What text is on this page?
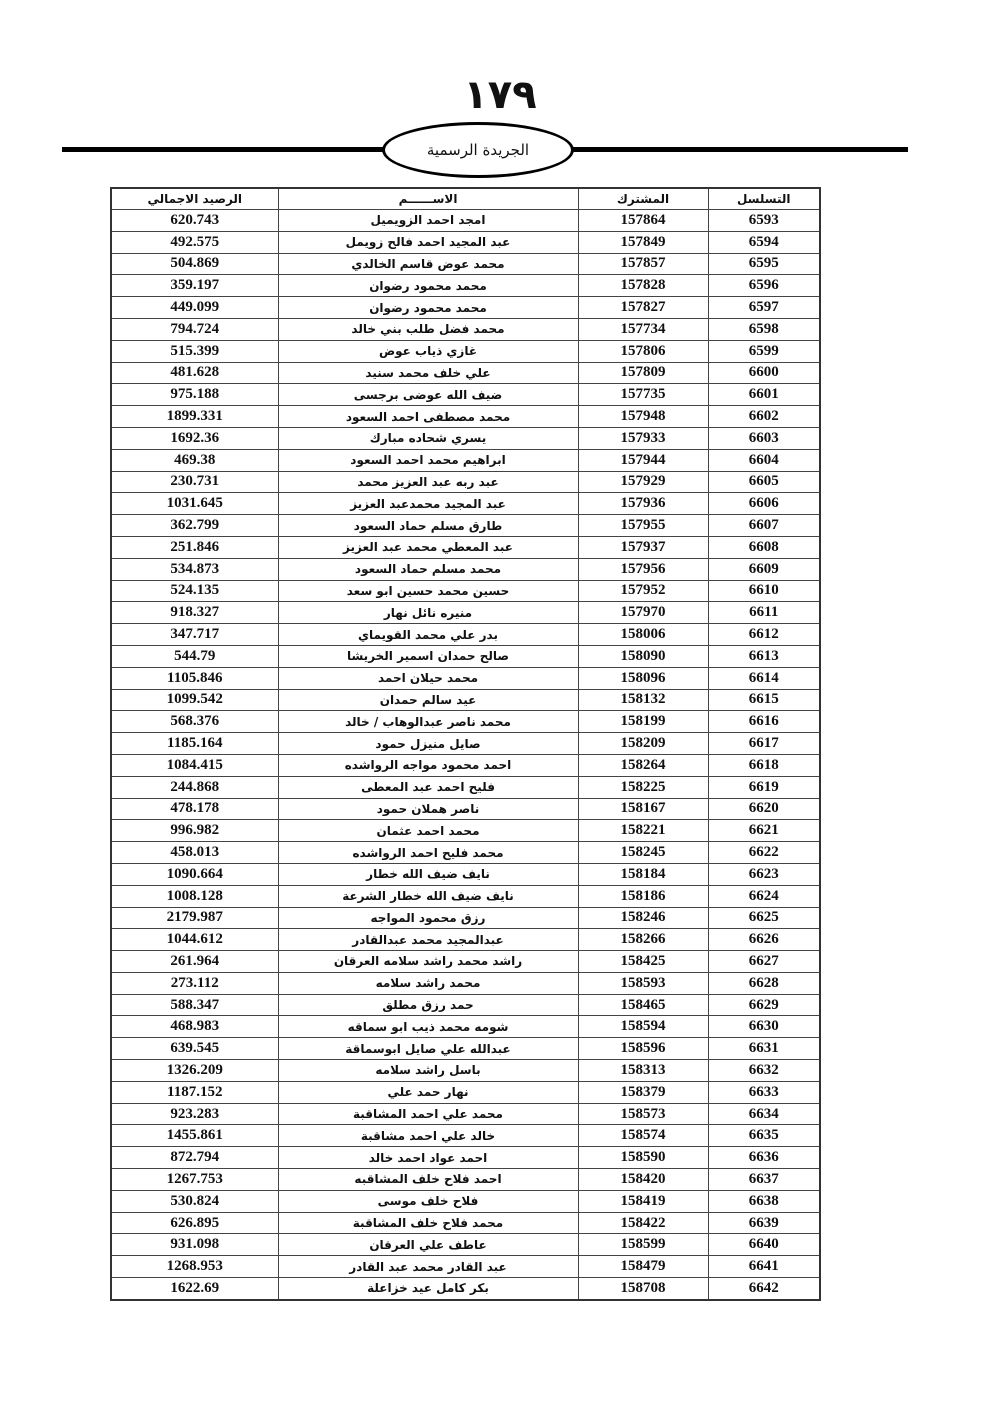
١٧٩
الجريدة الرسمية
الرصيد الاجمالي	الاســــــم	المشترك	التسلسل
620.743	امجد احمد الزويميل	157864	6593
492.575	عبد المجيد احمد فالح زويمل	157849	6594
504.869	محمد عوض قاسم الخالدي	157857	6595
359.197	محمد محمود رضوان	157828	6596
449.099	محمد محمود رضوان	157827	6597
794.724	محمد فضل طلب بني خالد	157734	6598
515.399	غازي ذياب عوض	157806	6599
481.628	علي خلف محمد سنيد	157809	6600
975.188	ضيف الله عوضى برجسى	157735	6601
1899.331	محمد مصطفى احمد السعود	157948	6602
1692.36	يسري شحاده مبارك	157933	6603
469.38	ابراهيم محمد احمد السعود	157944	6604
230.731	عبد ربه عبد العزيز محمد	157929	6605
1031.645	عبد المجيد محمدعبد العزيز	157936	6606
362.799	طارق مسلم حماد السعود	157955	6607
251.846	عبد المعطي محمد عبد العزيز	157937	6608
534.873	محمد مسلم حماد السعود	157956	6609
524.135	حسين محمد حسين ابو سعد	157952	6610
918.327	منيره نائل نهار	157970	6611
347.717	بدر علي محمد القويماي	158006	6612
544.79	صالح حمدان اسمير الخريشا	158090	6613
1105.846	محمد حيلان احمد	158096	6614
1099.542	عيد سالم حمدان	158132	6615
568.376	محمد ناصر عبدالوهاب / خالد	158199	6616
1185.164	صايل منيزل حمود	158209	6617
1084.415	احمد محمود مواجه الرواشده	158264	6618
244.868	فليح احمد عبد المعطى	158225	6619
478.178	ناصر هملان حمود	158167	6620
996.982	محمد احمد عثمان	158221	6621
458.013	محمد فليح احمد الرواشده	158245	6622
1090.664	نايف ضيف الله خطار	158184	6623
1008.128	نايف ضيف الله خطار الشرعة	158186	6624
2179.987	رزق محمود المواجه	158246	6625
1044.612	عبدالمجيد محمد عبدالقادر	158266	6626
261.964	راشد محمد راشد سلامه العرقان	158425	6627
273.112	محمد راشد سلامه	158593	6628
588.347	حمد رزق مطلق	158465	6629
468.983	شومه محمد ذيب ابو سماقه	158594	6630
639.545	عبدالله علي صايل ابوسماقة	158596	6631
1326.209	باسل راشد سلامه	158313	6632
1187.152	نهار حمد علي	158379	6633
923.283	محمد علي احمد المشاقبة	158573	6634
1455.861	خالد علي احمد مشاقبة	158574	6635
872.794	احمد عواد احمد خالد	158590	6636
1267.753	احمد فلاح خلف المشاقبه	158420	6637
530.824	فلاح خلف موسى	158419	6638
626.895	محمد فلاح خلف المشاقبة	158422	6639
931.098	عاطف علي العرقان	158599	6640
1268.953	عبد القادر محمد عبد القادر	158479	6641
1622.69	بكر كامل عيد خزاعلة	158708	6642
